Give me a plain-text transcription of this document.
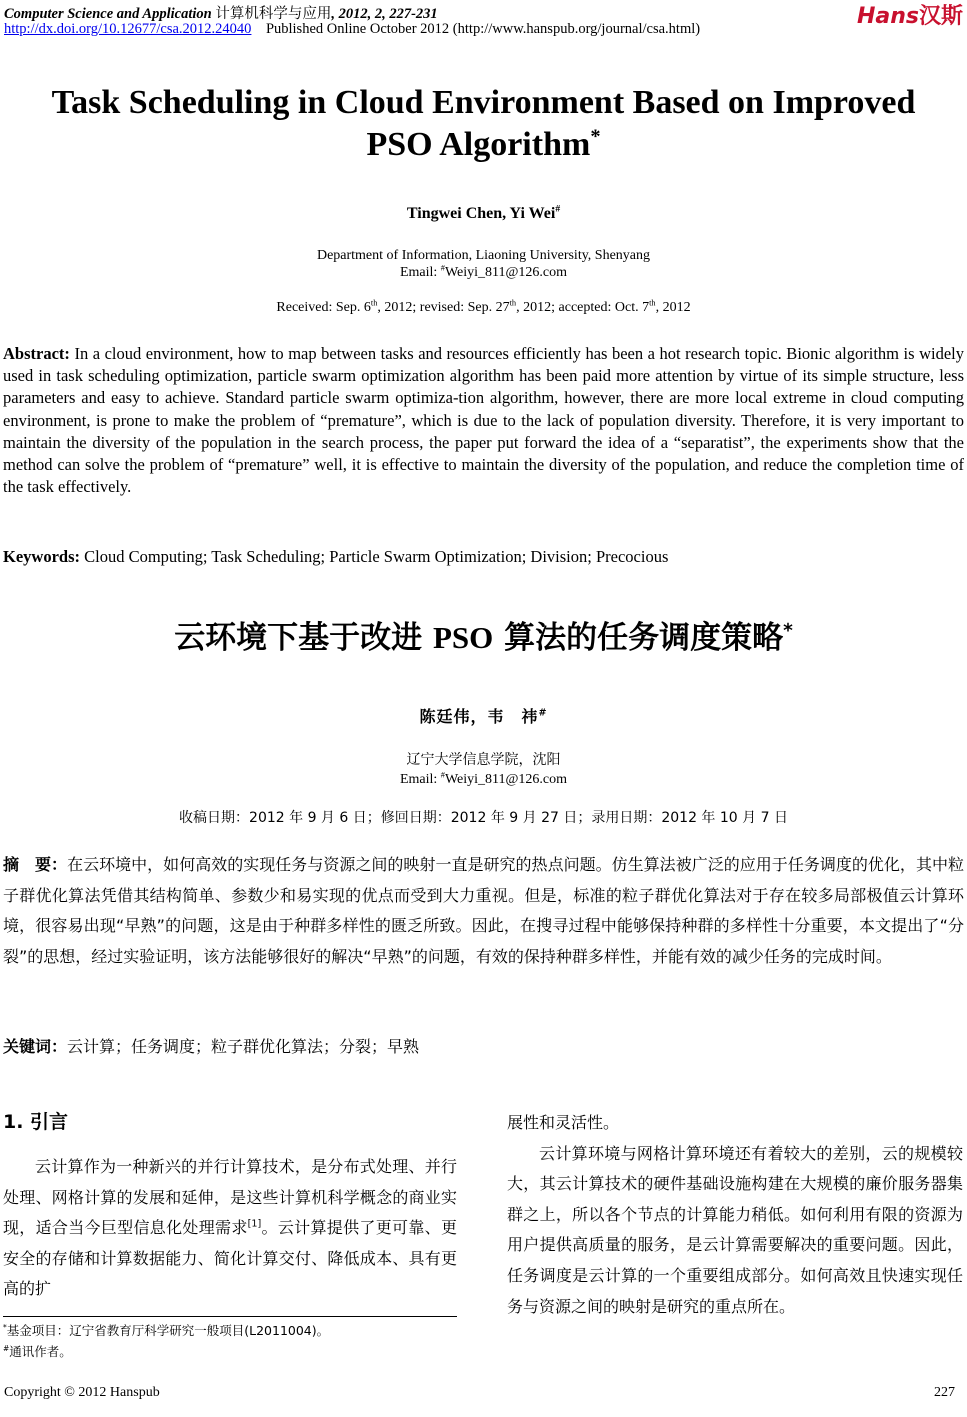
Computer Science and Application 计算机科学与应用, 2012, 2, 227-231
http://dx.doi.org/10.12677/csa.2012.24040 Published Online October 2012 (http://www.hanspub.org/journal/csa.html)	Hans汉斯
Task Scheduling in Cloud Environment Based on Improved
PSO Algorithm*
Tingwei Chen, Yi Wei#
Department of Information, Liaoning University, Shenyang
Email: #Weiyi_811@126.com
Received: Sep. 6th, 2012; revised: Sep. 27th, 2012; accepted: Oct. 7th, 2012
Abstract: In a cloud environment, how to map between tasks and resources efficiently has been a hot research topic. Bionic algorithm is widely used in task scheduling optimization, particle swarm optimization algorithm has been paid more attention by virtue of its simple structure, less parameters and easy to achieve. Standard particle swarm optimiza-tion algorithm, however, there are more local extreme in cloud computing environment, is prone to make the problem of “premature”, which is due to the lack of population diversity. Therefore, it is very important to maintain the diversity of the population in the search process, the paper put forward the idea of a “separatist”, the experiments show that the method can solve the problem of “premature” well, it is effective to maintain the diversity of the population, and reduce the completion time of the task effectively.
Keywords: Cloud Computing; Task Scheduling; Particle Swarm Optimization; Division; Precocious
云环境下基于改进 PSO 算法的任务调度策略*
陈廷伟，韦　祎#
辽宁大学信息学院，沈阳
Email: #Weiyi_811@126.com
收稿日期：2012 年 9 月 6 日；修回日期：2012 年 9 月 27 日；录用日期：2012 年 10 月 7 日
摘　要：在云环境中，如何高效的实现任务与资源之间的映射一直是研究的热点问题。仿生算法被广泛的应用于任务调度的优化，其中粒子群优化算法凭借其结构简单、参数少和易实现的优点而受到大力重视。但是，标准的粒子群优化算法对于存在较多局部极值云计算环境，很容易出现“早熟”的问题，这是由于种群多样性的匮乏所致。因此，在搜寻过程中能够保持种群的多样性十分重要，本文提出了“分裂”的思想，经过实验证明，该方法能够很好的解决“早熟”的问题，有效的保持种群多样性，并能有效的减少任务的完成时间。
关键词：云计算；任务调度；粒子群优化算法；分裂；早熟
1. 引言

云计算作为一种新兴的并行计算技术，是分布式处理、并行处理、网格计算的发展和延伸，是这些计算机科学概念的商业实现，适合当今巨型信息化处理需求[1]。云计算提供了更可靠、更安全的存储和计算数据能力、简化计算交付、降低成本、具有更高的扩

展性和灵活性。

云计算环境与网格计算环境还有着较大的差别，云的规模较大，其云计算技术的硬件基础设施构建在大规模的廉价服务器集群之上，所以各个节点的计算能力稍低。如何利用有限的资源为用户提供高质量的服务，是云计算需要解决的重要问题。因此，任务调度是云计算的一个重要组成部分。如何高效且快速实现任务与资源之间的映射是研究的重点所在。

*基金项目：辽宁省教育厅科学研究一般项目(L2011004)。
#通讯作者。
Copyright © 2012 Hanspub	227
